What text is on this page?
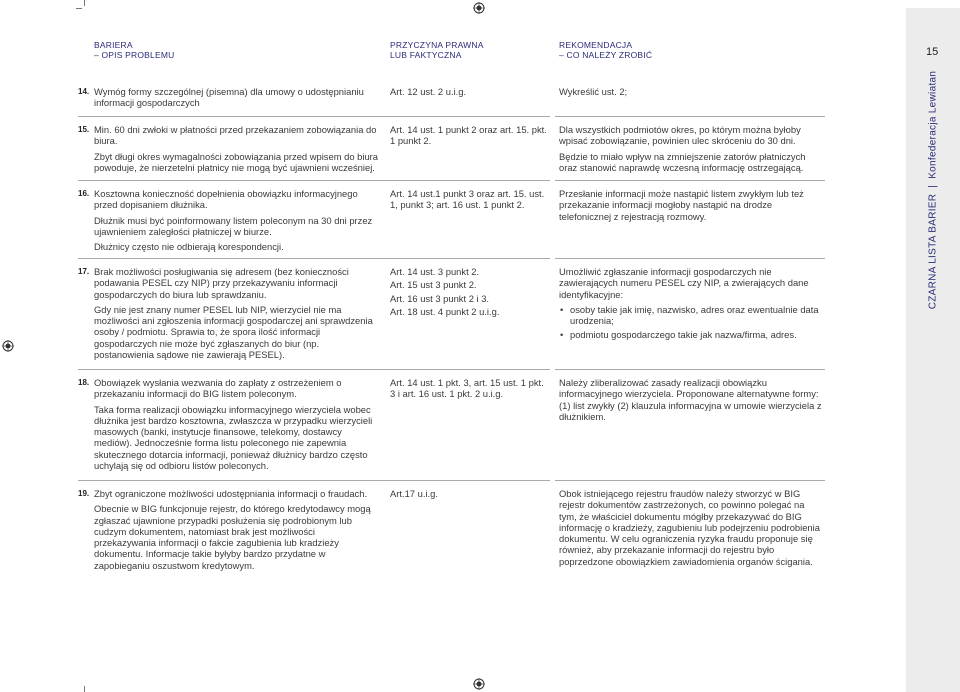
15
CZARNA LISTA BARIER|Konfederacja Lewiatan
BARIERA
– OPIS PROBLEMU
PRZYCZYNA PRAWNA
LUB FAKTYCZNA
REKOMENDACJA
– CO NALEŻY ZROBIĆ
14. Wymóg formy szczególnej (pisemna) dla umowy o udostępnianiu informacji gospodarczych

Art. 12 ust. 2 u.i.g.	Wykreślić ust. 2;

15. Min. 60 dni zwłoki w płatności przed przekazaniem zobowiązania do biura.

Zbyt długi okres wymagalności zobowiązania przed wpisem do biura powoduje, że nierzetelni płatnicy nie mogą być ujawnieni wcześniej.

Art. 14 ust. 1 punkt 2 oraz art. 15. pkt. 1 punkt 2.

Dla wszystkich podmiotów okres, po którym można byłoby wpisać zobowiązanie, powinien ulec skróceniu do 30 dni.

Będzie to miało wpływ na zmniejszenie zatorów płatniczych oraz stanowić naprawdę wczesną informację ostrzegającą.

16. Kosztowna konieczność dopełnienia obowiązku informacyjnego przed dopisaniem dłużnika.

Dłużnik musi być poinformowany listem poleconym na 30 dni przez ujawnieniem zaległości płatniczej w biurze.

Dłużnicy często nie odbierają korespondencji.

Art. 14 ust.1 punkt 3 oraz art. 15. ust. 1, punkt 3; art. 16 ust. 1 punkt 2.

Przesłanie informacji może nastąpić listem zwykłym lub też przekazanie informacji mogłoby nastąpić na drodze telefonicznej z rejestracją rozmowy.

17. Brak możliwości posługiwania się adresem (bez konieczności podawania PESEL czy NIP) przy przekazywaniu informacji gospodarczych do biura lub sprawdzaniu.

Gdy nie jest znany numer PESEL lub NIP, wierzyciel nie ma możliwości ani zgłoszenia informacji gospodarczej ani sprawdzenia osoby / podmiotu. Sprawia to, że spora ilość informacji gospodarczych nie może być zgłaszanych do biur (np. postanowienia sądowe nie zawierają PESEL).

Art. 14 ust. 3 punkt 2.

Art. 15 ust 3 punkt 2.

Art. 16 ust 3 punkt 2 i 3.

Art. 18 ust. 4 punkt 2 u.i.g.

Umożliwić zgłaszanie informacji gospodarczych nie zawierających numeru PESEL czy NIP, a zwierających dane identyfikacyjne:

• osoby takie jak imię, nazwisko, adres oraz ewentualnie data urodzenia;
• podmiotu gospodarczego takie jak nazwa/firma, adres.
18. Obowiązek wysłania wezwania do zapłaty z ostrzeżeniem o przekazaniu informacji do BIG listem poleconym.

Taka forma realizacji obowiązku informacyjnego wierzyciela wobec dłużnika jest bardzo kosztowna, zwłaszcza w przypadku wierzycieli masowych (banki, instytucje finansowe, telekomy, dostawcy mediów). Jednocześnie forma listu poleconego nie zapewnia skutecznego dotarcia informacji, ponieważ dłużnicy bardzo często uchylają się od odbioru listów poleconych.

Art. 14 ust. 1 pkt. 3, art. 15 ust. 1 pkt. 3 i art. 16 ust. 1 pkt. 2 u.i.g.

Należy zliberalizować zasady realizacji obowiązku informacyjnego wierzyciela. Proponowane alternatywne formy: (1) list zwykły (2) klauzula informacyjna w umowie wierzyciela z dłużnikiem.

19. Zbyt ograniczone możliwości udostępniania informacji o fraudach.

Obecnie w BIG funkcjonuje rejestr, do którego kredytodawcy mogą zgłaszać ujawnione przypadki posłużenia się podrobionym lub cudzym dokumentem, natomiast brak jest możliwości przekazywania informacji o fakcie zagubienia lub kradzieży dokumentu. Informacje takie byłyby bardzo przydatne w zapobieganiu oszustwom kredytowym.

Art.17 u.i.g.	Obok istniejącego rejestru fraudów należy stworzyć w BIG rejestr dokumentów zastrzeżonych, co powinno polegać na tym, że właściciel dokumentu mógłby przekazywać do BIG informację o kradzieży, zagubieniu lub podejrzeniu podrobienia dokumentu. W celu ograniczenia ryzyka fraudu proponuje się również, aby przekazanie informacji do rejestru było poprzedzone obowiązkiem zawiadomienia organów ścigania.
